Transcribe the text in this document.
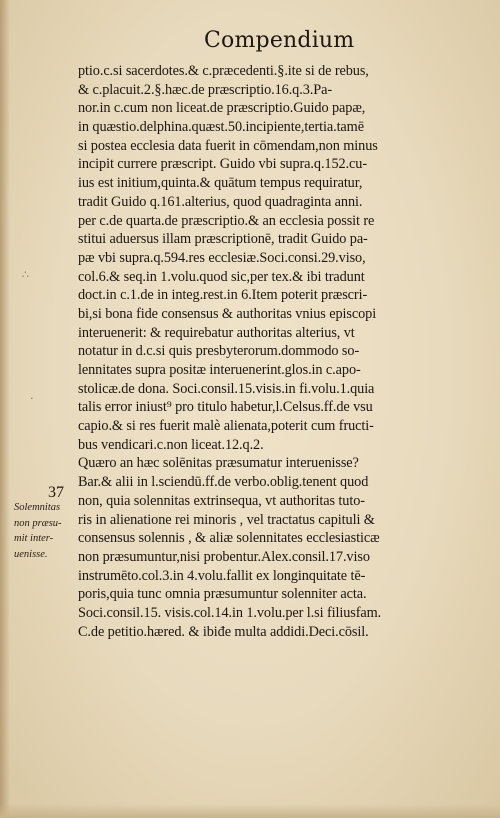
Compendium
ptio.c.si sacerdotes.& c.præcedenti.§.ite si de rebus,
& c.placuit.2.§.hæc.de præscriptio.16.q.3.Pa-
nor.in c.cum non liceat.de præscriptio.Guido papæ,
in quæstio.delphina.quæst.50.incipiente,tertia.tamē
si postea ecclesia data fuerit in cōmendam,non minus
incipit currere præscript. Guido vbi supra.q.152.cu-
ius est initium,quinta.& quātum tempus requiratur,
tradit Guido q.161.alterius, quod quadraginta anni.
per c.de quarta.de præscriptio.& an ecclesia possit re
stitui aduersus illam præscriptionē, tradit Guido pa-
pæ vbi supra.q.594.res ecclesiæ.Soci.consi.29.viso,
col.6.& seq.in 1.volu.quod sic,per tex.& ibi tradunt
doct.in c.1.de in integ.rest.in 6.Item poterit præscri-
bi,si bona fide consensus & authoritas vnius episcopi
interuenerit: & requirebatur authoritas alterius, vt
notatur in d.c.si quis presbyterorum.dommodo so-
lennitates supra positæ interuenerint.glos.in c.apo-
stolicæ.de dona. Soci.consil.15.visis.in fi.volu.1.quia
talis error iniust⁹ pro titulo habetur,l.Celsus.ff.de vsu
capio.& si res fuerit malè alienata,poterit cum fructi-
bus vendicari.c.non liceat.12.q.2.
Quæro an hæc solēnitas præsumatur interuenisse?
Bar.& alii in l.sciendū.ff.de verbo.oblig.tenent quod
non, quia solennitas extrinsequa, vt authoritas tuto-
ris in alienatione rei minoris , vel tractatus capituli &
consensus solennis , & aliæ solennitates ecclesiasticæ
non præsumuntur,nisi probentur.Alex.consil.17.viso
instrumēto.col.3.in 4.volu.fallit ex longinquitate tē-
poris,quia tunc omnia præsumuntur solenniter acta.
Soci.consil.15. visis.col.14.in 1.volu.per l.si filiusfam.
C.de petitio.hæred. & ibiđe multa addidi.Deci.cōsil.
37
Solemnitas
non præsu-
mit inter-
uenisse.
∴
·
